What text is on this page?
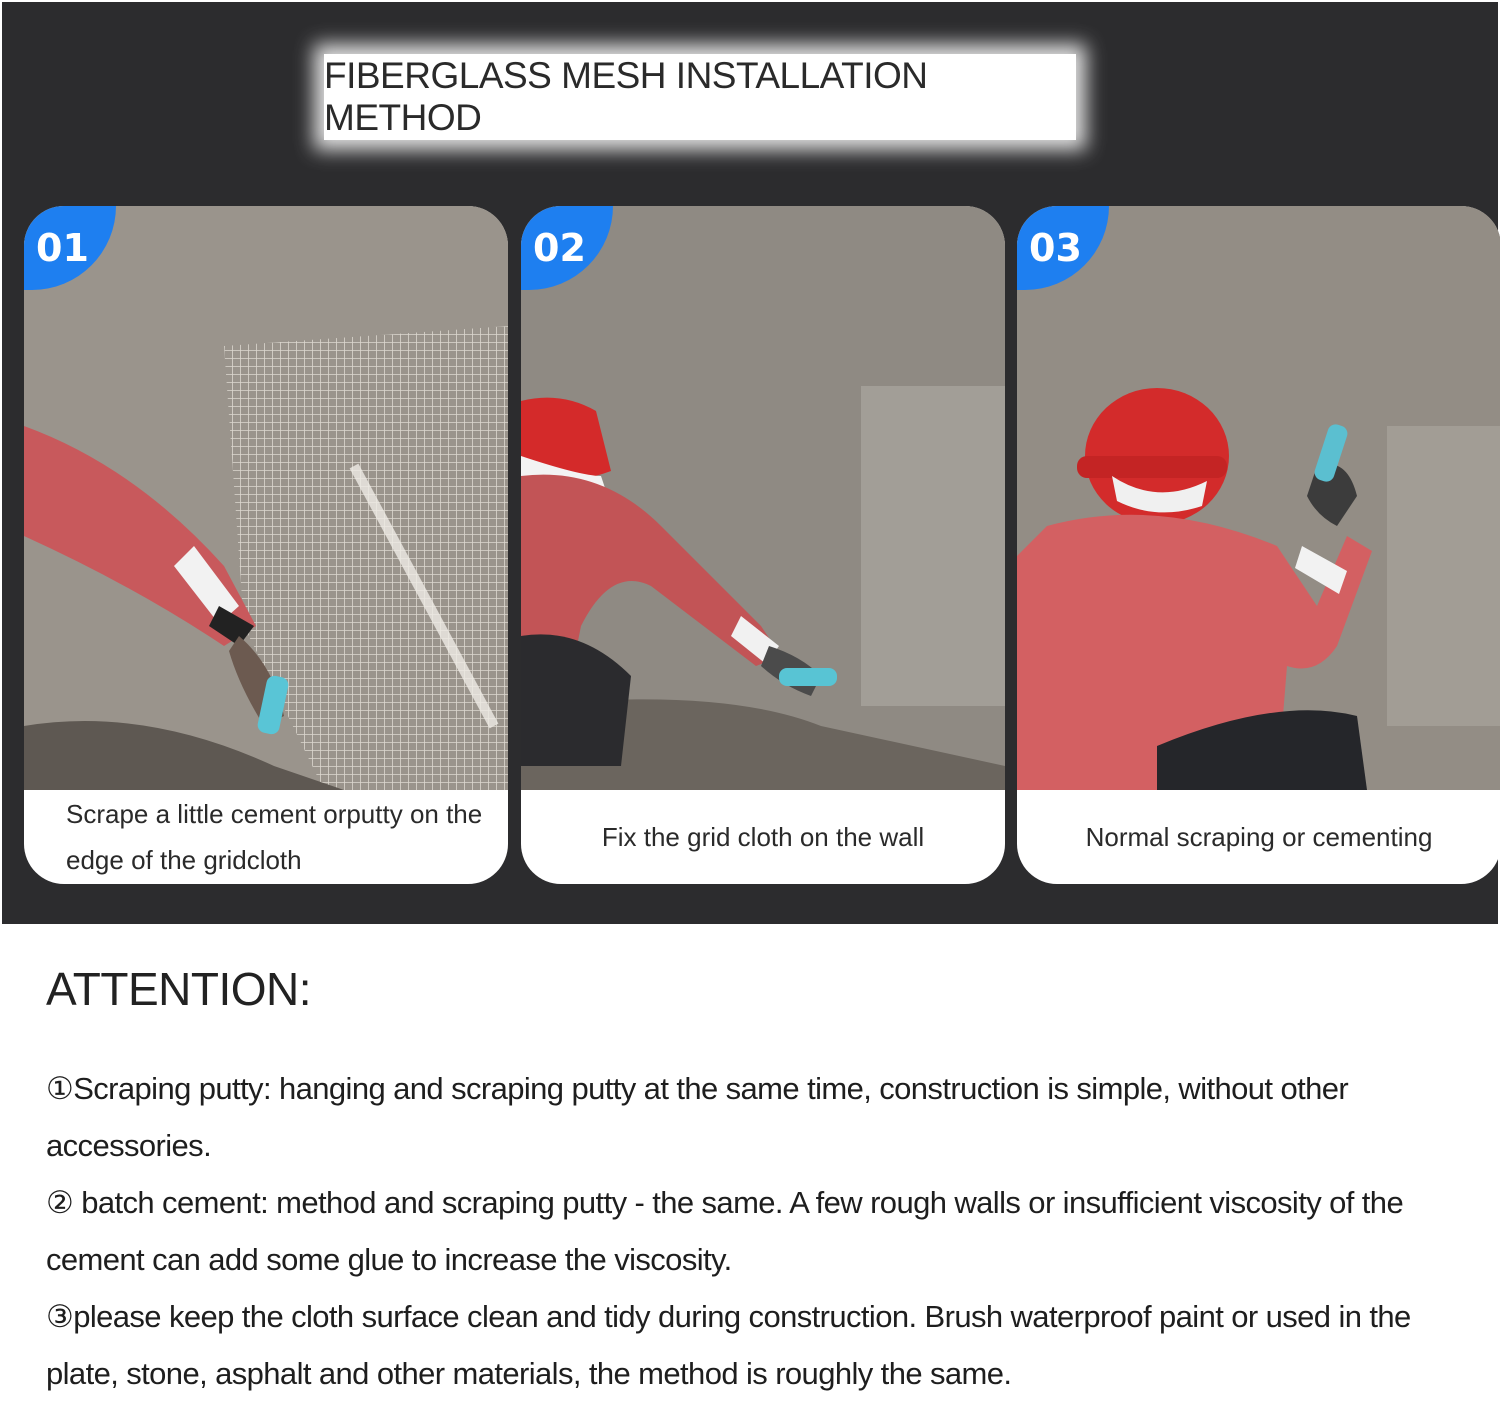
FIBERGLASS MESH INSTALLATION METHOD
01
Scrape a little cement orputty on the edge of the gridcloth
02
Fix the grid cloth on the wall
03
Normal scraping or cementing
ATTENTION:

①Scraping putty: hanging and scraping putty at the same time, construction is simple, without other accessories.

② batch cement: method and scraping putty - the same. A few rough walls or insufficient viscosity of the cement can add some glue to increase the viscosity.

③please keep the cloth surface clean and tidy during construction. Brush waterproof paint or used in the plate, stone, asphalt and other materials, the method is roughly the same.
